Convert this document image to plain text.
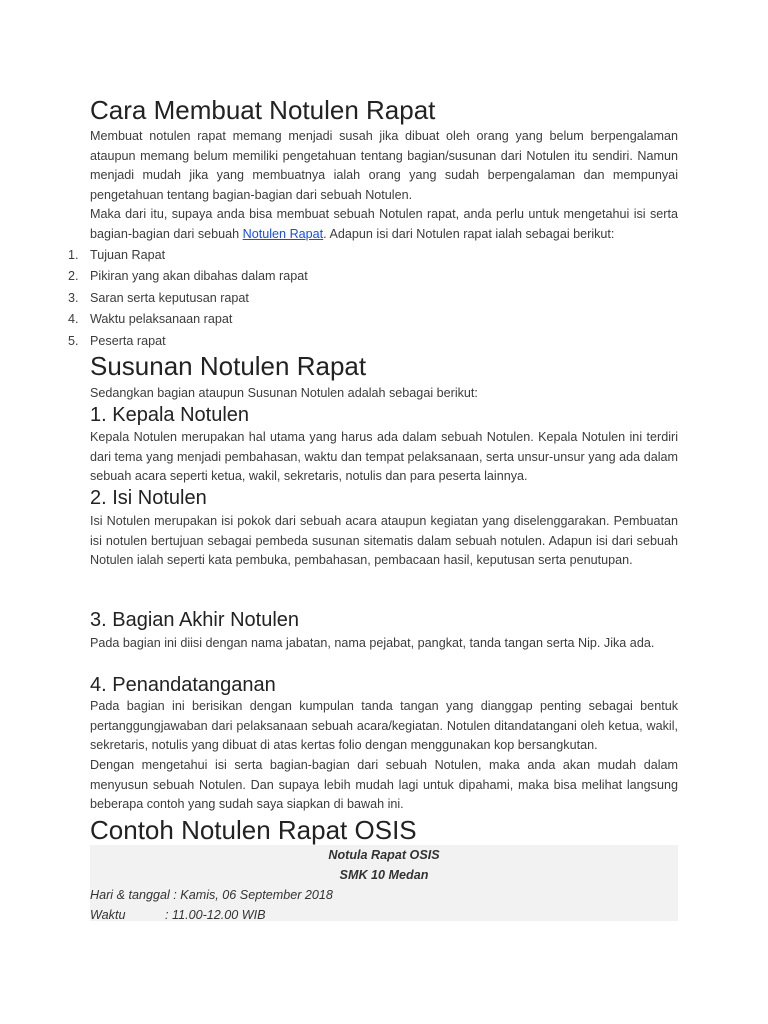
Cara Membuat Notulen Rapat

Membuat notulen rapat memang menjadi susah jika dibuat oleh orang yang belum berpengalaman ataupun memang belum memiliki pengetahuan tentang bagian/susunan dari Notulen itu sendiri. Namun menjadi mudah jika yang membuatnya ialah orang yang sudah berpengalaman dan mempunyai pengetahuan tentang bagian-bagian dari sebuah Notulen.

Maka dari itu, supaya anda bisa membuat sebuah Notulen rapat, anda perlu untuk mengetahui isi serta bagian-bagian dari sebuah Notulen Rapat. Adapun isi dari Notulen rapat ialah sebagai berikut:

1. Tujuan Rapat
2. Pikiran yang akan dibahas dalam rapat
3. Saran serta keputusan rapat
4. Waktu pelaksanaan rapat
5. Peserta rapat
Susunan Notulen Rapat

Sedangkan bagian ataupun Susunan Notulen adalah sebagai berikut:

1. Kepala Notulen

Kepala Notulen merupakan hal utama yang harus ada dalam sebuah Notulen. Kepala Notulen ini terdiri dari tema yang menjadi pembahasan, waktu dan tempat pelaksanaan, serta unsur-unsur yang ada dalam sebuah acara seperti ketua, wakil, sekretaris, notulis dan para peserta lainnya.

2. Isi Notulen

Isi Notulen merupakan isi pokok dari sebuah acara ataupun kegiatan yang diselenggarakan. Pembuatan isi notulen bertujuan sebagai pembeda susunan sitematis dalam sebuah notulen. Adapun isi dari sebuah Notulen ialah seperti kata pembuka, pembahasan, pembacaan hasil, keputusan serta penutupan.

3. Bagian Akhir Notulen

Pada bagian ini diisi dengan nama jabatan, nama pejabat, pangkat, tanda tangan serta Nip. Jika ada.

4. Penandatanganan

Pada bagian ini berisikan dengan kumpulan tanda tangan yang dianggap penting sebagai bentuk pertanggungjawaban dari pelaksanaan sebuah acara/kegiatan. Notulen ditandatangani oleh ketua, wakil, sekretaris, notulis yang dibuat di atas kertas folio dengan menggunakan kop bersangkutan.

Dengan mengetahui isi serta bagian-bagian dari sebuah Notulen, maka anda akan mudah dalam menyusun sebuah Notulen. Dan supaya lebih mudah lagi untuk dipahami, maka bisa melihat langsung beberapa contoh yang sudah saya siapkan di bawah ini.

Contoh Notulen Rapat OSIS
Notula Rapat OSIS
SMK 10 Medan
Hari & tanggal : Kamis, 06 September 2018
Waktu	: 11.00-12.00 WIB
